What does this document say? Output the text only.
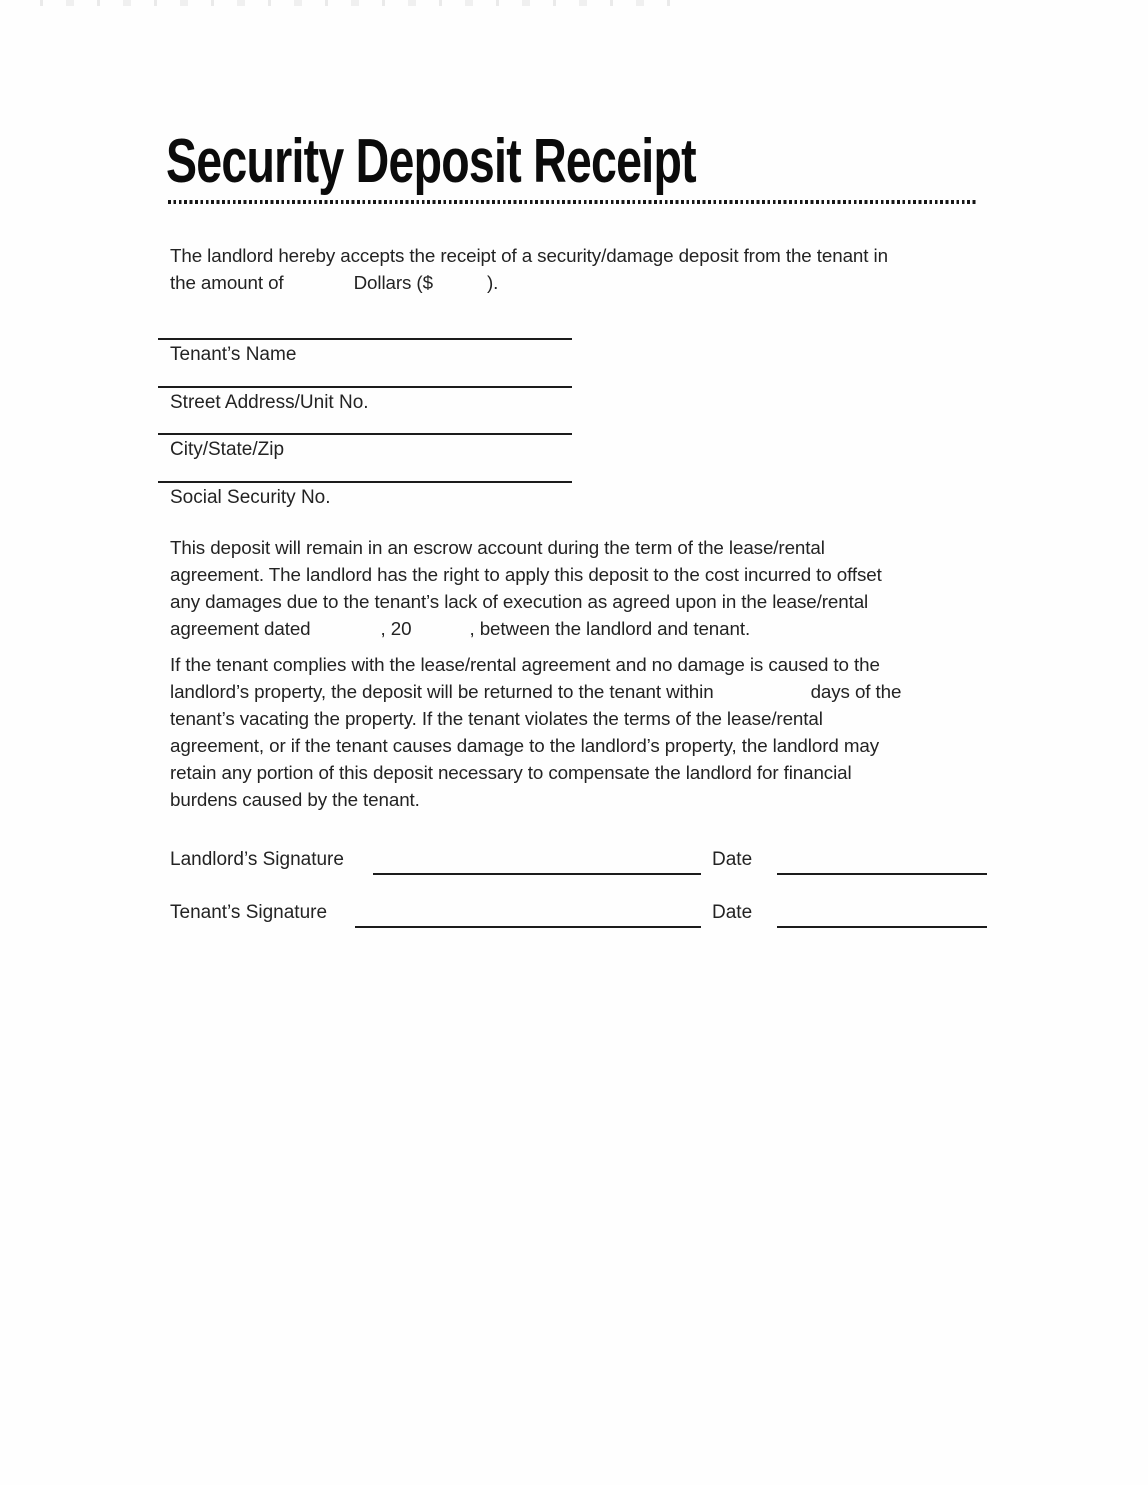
Security Deposit Receipt
The landlord hereby accepts the receipt of a security/damage deposit from the tenant in
the amount of	Dollars ($	).
Tenant’s Name
Street Address/Unit No.
City/State/Zip
Social Security No.
This deposit will remain in an escrow account during the term of the lease/rental
agreement. The landlord has the right to apply this deposit to the cost incurred to offset
any damages due to the tenant’s lack of execution as agreed upon in the lease/rental
agreement dated	, 20	, between the landlord and tenant.
If the tenant complies with the lease/rental agreement and no damage is caused to the
landlord’s property, the deposit will be returned to the tenant within	days of the
tenant’s vacating the property. If the tenant violates the terms of the lease/rental
agreement, or if the tenant causes damage to the landlord’s property, the landlord may
retain any portion of this deposit necessary to compensate the landlord for financial
burdens caused by the tenant.
Landlord’s Signature	Date
Tenant’s Signature	Date
